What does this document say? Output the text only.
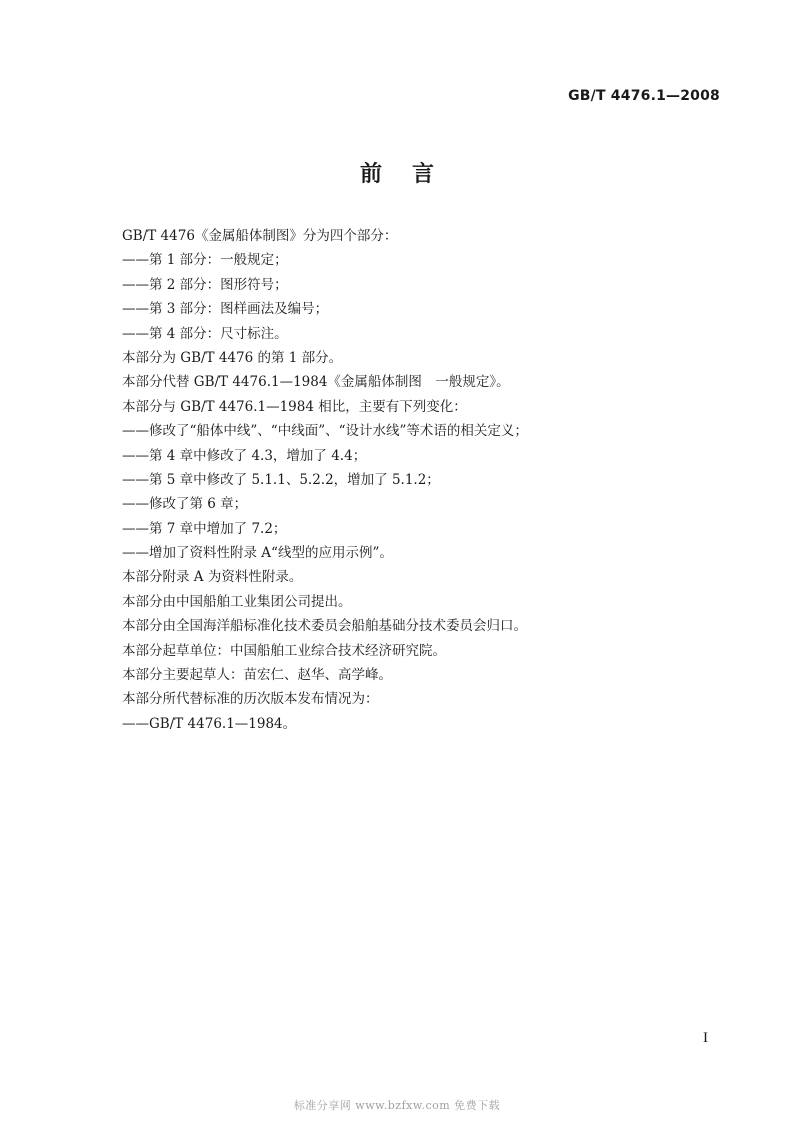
GB/T 4476.1—2008
前言
GB/T 4476《金属船体制图》分为四个部分：
——第 1 部分：一般规定；
——第 2 部分：图形符号；
——第 3 部分：图样画法及编号；
——第 4 部分：尺寸标注。
本部分为 GB/T 4476 的第 1 部分。
本部分代替 GB/T 4476.1—1984《金属船体制图　一般规定》。
本部分与 GB/T 4476.1—1984 相比，主要有下列变化：
——修改了“船体中线”、“中线面”、“设计水线”等术语的相关定义；
——第 4 章中修改了 4.3，增加了 4.4；
——第 5 章中修改了 5.1.1、5.2.2，增加了 5.1.2；
——修改了第 6 章；
——第 7 章中增加了 7.2；
——增加了资料性附录 A“线型的应用示例”。
本部分附录 A 为资料性附录。
本部分由中国船舶工业集团公司提出。
本部分由全国海洋船标准化技术委员会船舶基础分技术委员会归口。
本部分起草单位：中国船舶工业综合技术经济研究院。
本部分主要起草人：苗宏仁、赵华、高学峰。
本部分所代替标准的历次版本发布情况为：
——GB/T 4476.1—1984。
I
标准分享网 www.bzfxw.com 免费下载
